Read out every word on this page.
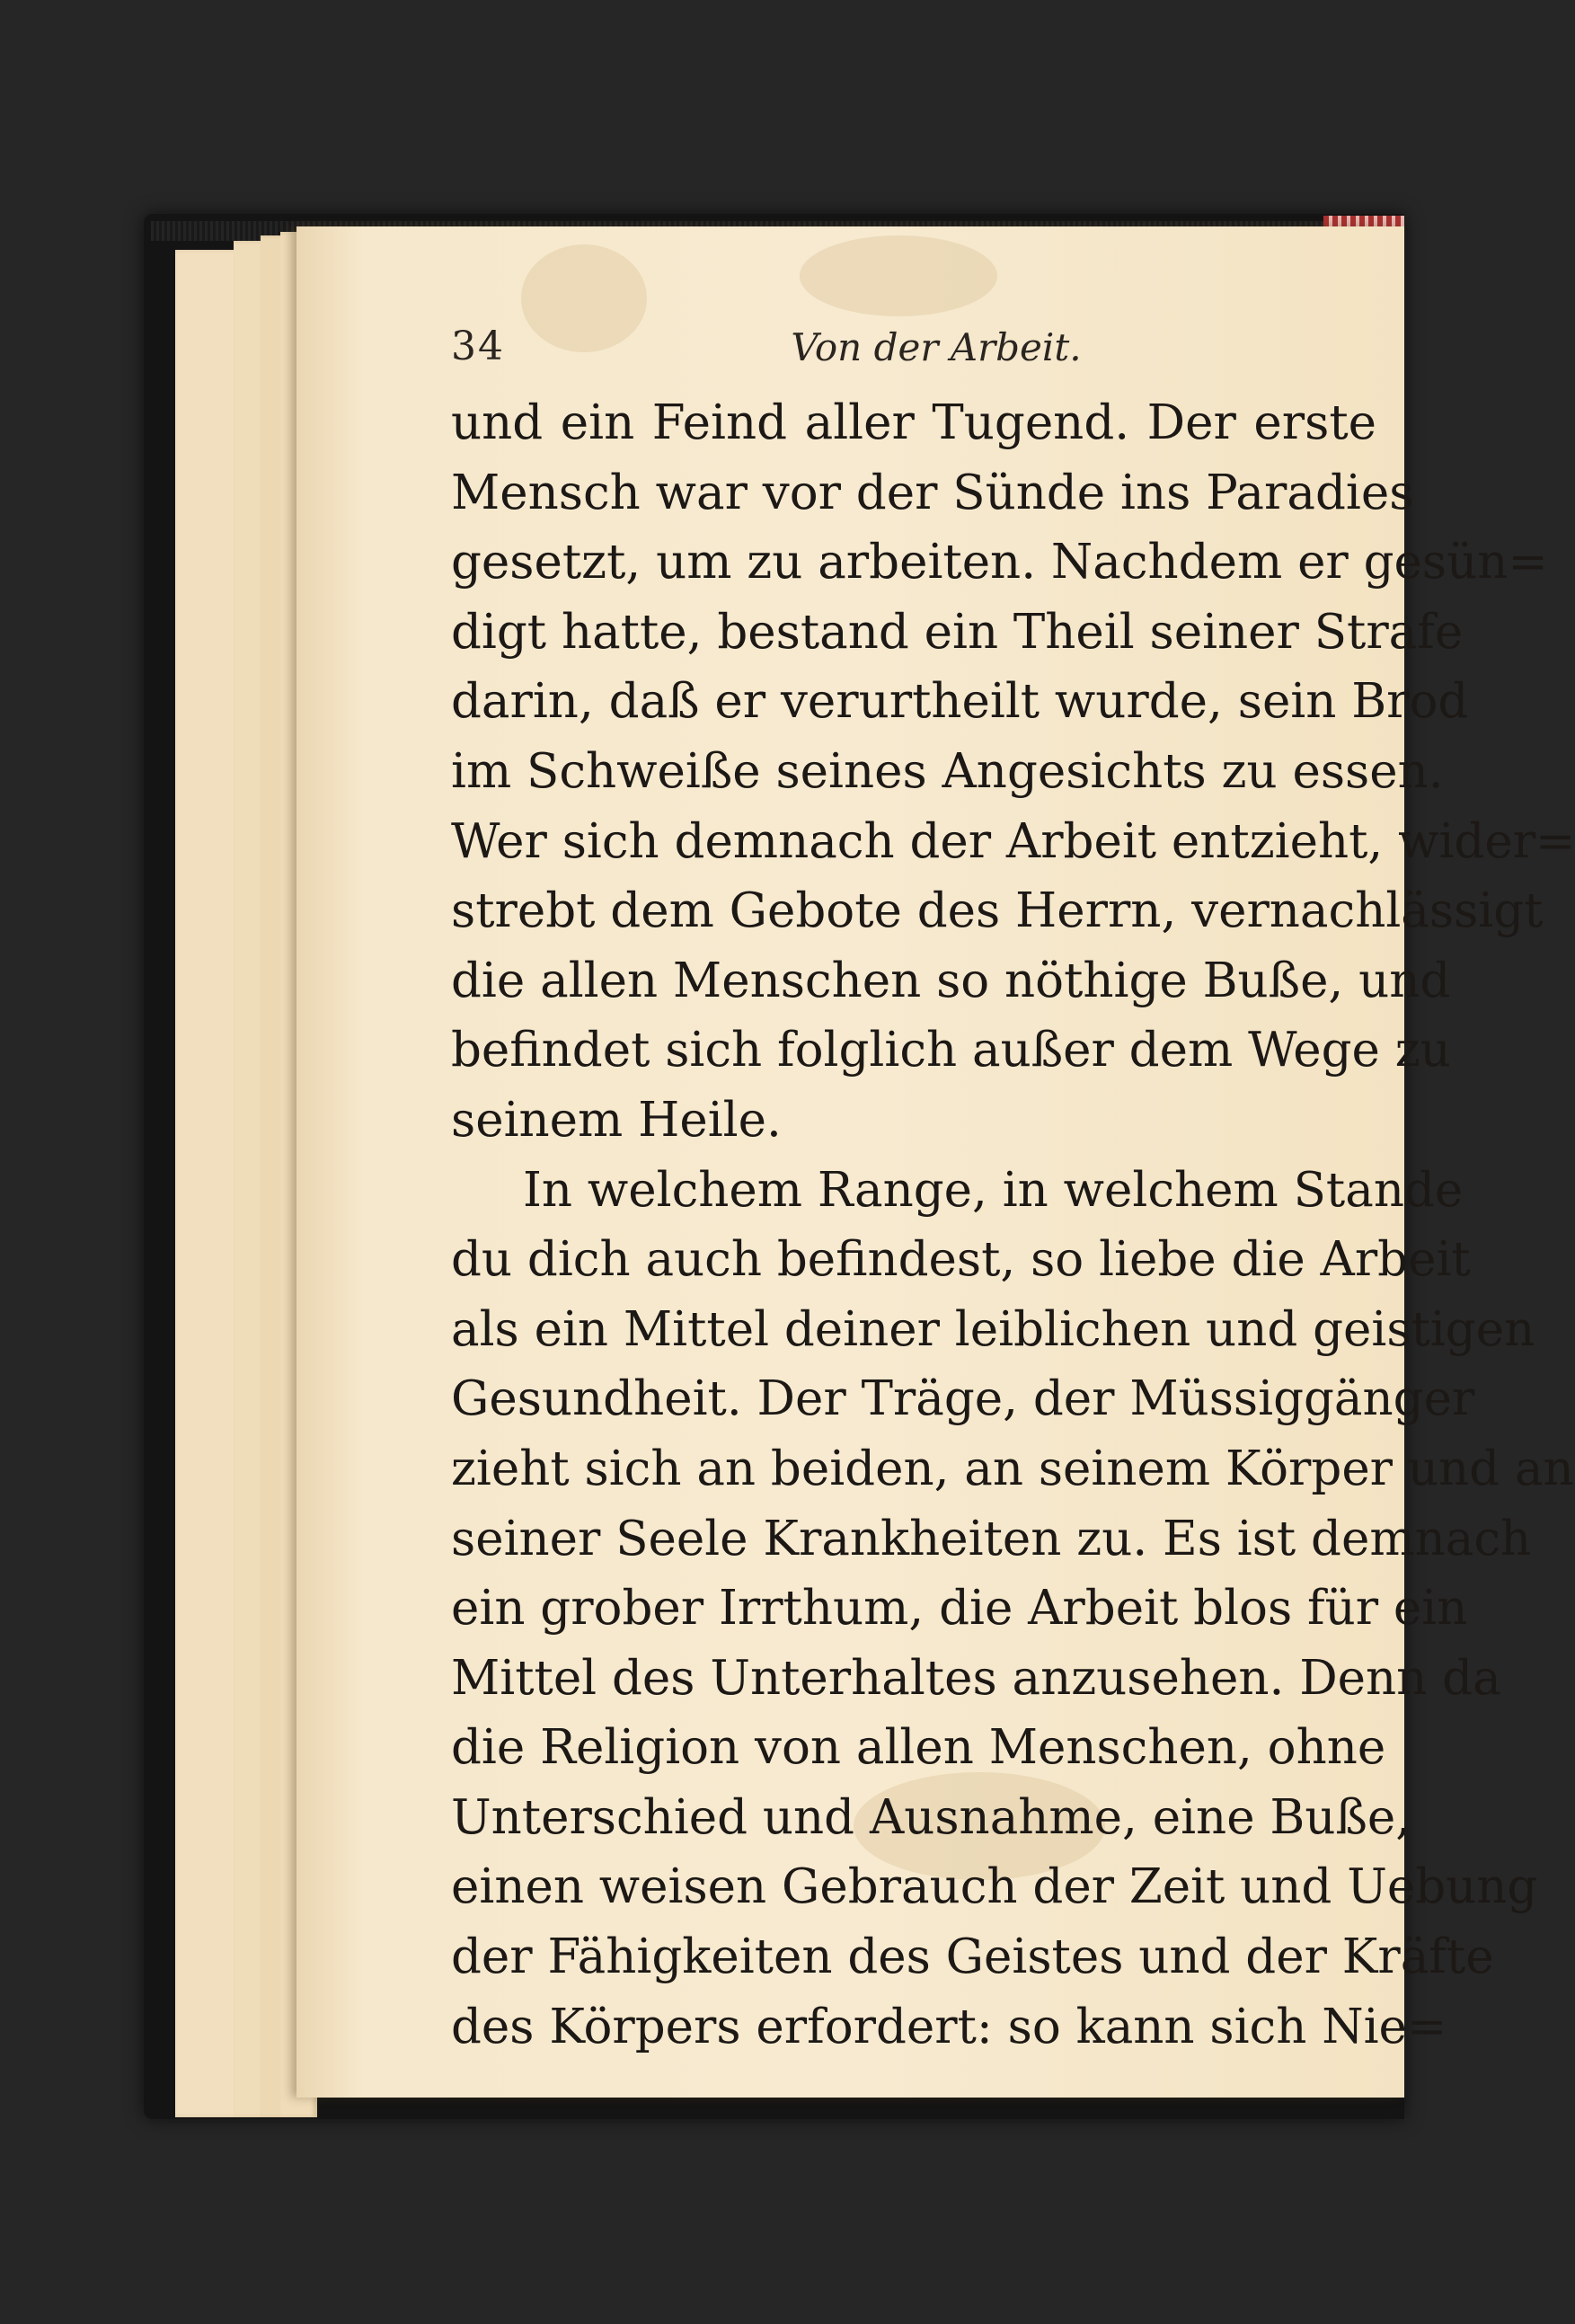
34	Von der Arbeit.
und ein Feind aller Tugend. Der erste
Mensch war vor der Sünde ins Paradies
gesetzt, um zu arbeiten. Nachdem er gesün=
digt hatte, bestand ein Theil seiner Strafe
darin, daß er verurtheilt wurde, sein Brod
im Schweiße seines Angesichts zu essen.
Wer sich demnach der Arbeit entzieht, wider=
strebt dem Gebote des Herrn, vernachlässigt
die allen Menschen so nöthige Buße, und
befindet sich folglich außer dem Wege zu
seinem Heile.
In welchem Range, in welchem Stande
du dich auch befindest, so liebe die Arbeit
als ein Mittel deiner leiblichen und geistigen
Gesundheit. Der Träge, der Müssiggänger
zieht sich an beiden, an seinem Körper und an
seiner Seele Krankheiten zu. Es ist demnach
ein grober Irrthum, die Arbeit blos für ein
Mittel des Unterhaltes anzusehen. Denn da
die Religion von allen Menschen, ohne
Unterschied und Ausnahme, eine Buße,
einen weisen Gebrauch der Zeit und Uebung
der Fähigkeiten des Geistes und der Kräfte
des Körpers erfordert: so kann sich Nie=
